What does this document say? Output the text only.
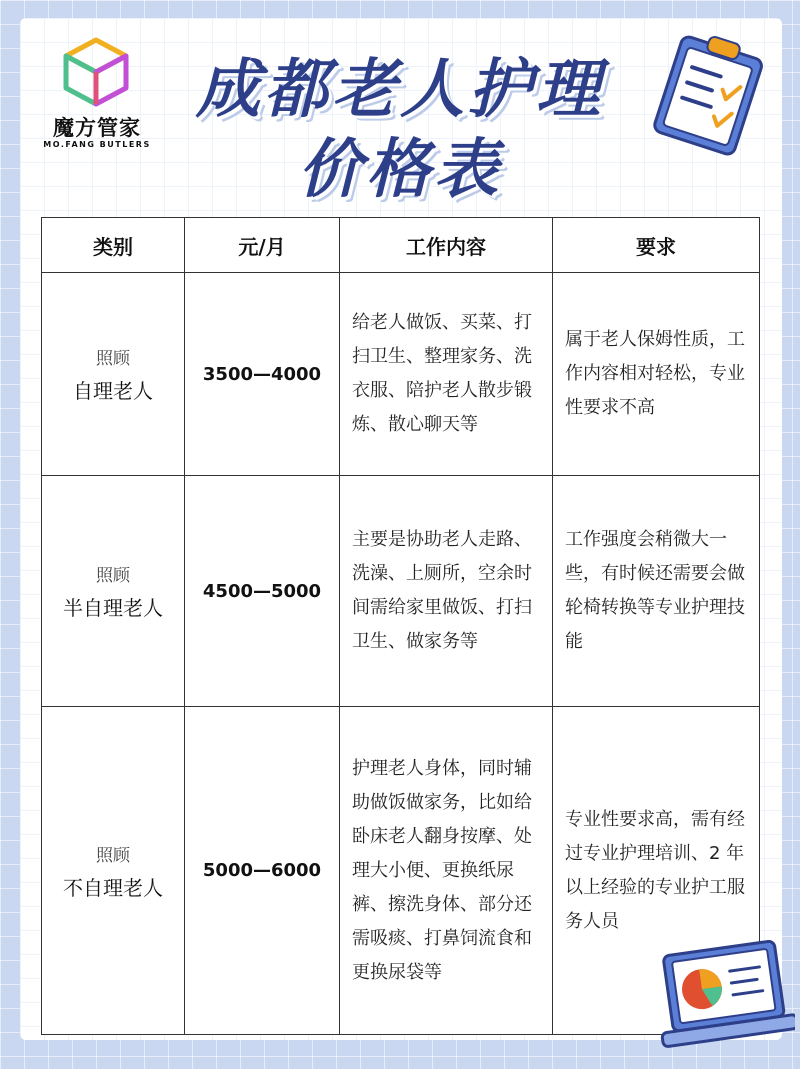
魔方管家
MO.FANG BUTLERS
成都老人护理
价格表
类别	元/月	工作内容	要求

照顾
自理老人	3500—4000	给老人做饭、买菜、打扫卫生、整理家务、洗衣服、陪护老人散步锻炼、散心聊天等	属于老人保姆性质，工作内容相对轻松，专业性要求不高

照顾
半自理老人	4500—5000	主要是协助老人走路、洗澡、上厕所，空余时间需给家里做饭、打扫卫生、做家务等	工作强度会稍微大一些，有时候还需要会做轮椅转换等专业护理技能

照顾
不自理老人	5000—6000	护理老人身体，同时辅助做饭做家务，比如给卧床老人翻身按摩、处理大小便、更换纸尿裤、擦洗身体、部分还需吸痰、打鼻饲流食和更换尿袋等	专业性要求高，需有经过专业护理培训、2 年以上经验的专业护工服务人员
